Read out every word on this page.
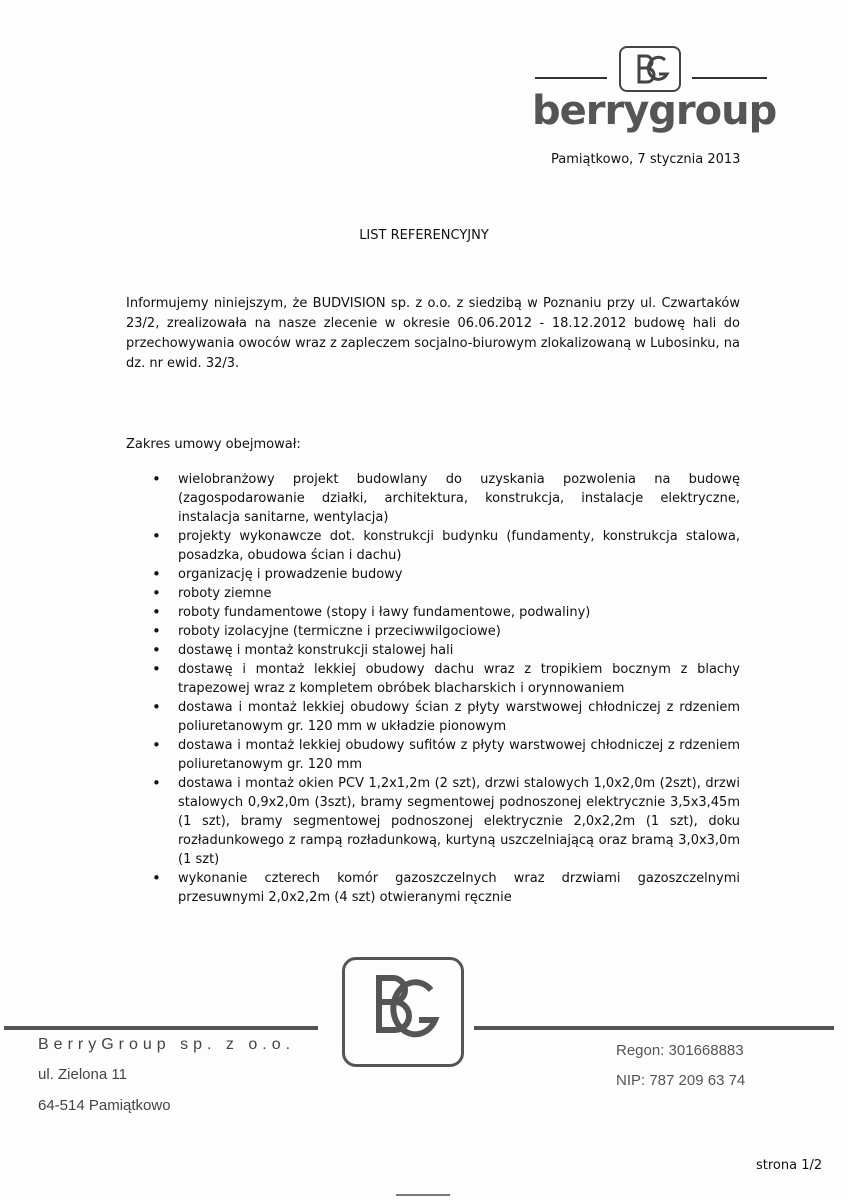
berrygroup
Pamiątkowo, 7 stycznia 2013
LIST REFERENCYJNY
Informujemy niniejszym, że BUDVISION sp. z o.o. z siedzibą w Poznaniu przy ul. Czwartaków 23/2, zrealizowała na nasze zlecenie w okresie 06.06.2012 - 18.12.2012 budowę hali do przechowywania owoców wraz z zapleczem socjalno-biurowym zlokalizowaną w Lubosinku, na dz. nr ewid. 32/3.
Zakres umowy obejmował:
• wielobranżowy projekt budowlany do uzyskania pozwolenia na budowę (zagospodarowanie działki, architektura, konstrukcja, instalacje elektryczne, instalacja sanitarne, wentylacja)
• projekty wykonawcze dot. konstrukcji budynku (fundamenty, konstrukcja stalowa, posadzka, obudowa ścian i dachu)
• organizację i prowadzenie budowy
• roboty ziemne
• roboty fundamentowe (stopy i ławy fundamentowe, podwaliny)
• roboty izolacyjne (termiczne i przeciwwilgociowe)
• dostawę i montaż konstrukcji stalowej hali
• dostawę i montaż lekkiej obudowy dachu wraz z tropikiem bocznym z blachy trapezowej wraz z kompletem obróbek blacharskich i orynnowaniem
• dostawa i montaż lekkiej obudowy ścian z płyty warstwowej chłodniczej z rdzeniem poliuretanowym gr. 120 mm w układzie pionowym
• dostawa i montaż lekkiej obudowy sufitów z płyty warstwowej chłodniczej z rdzeniem poliuretanowym gr. 120 mm
• dostawa i montaż okien PCV 1,2x1,2m (2 szt), drzwi stalowych 1,0x2,0m (2szt), drzwi stalowych 0,9x2,0m (3szt), bramy segmentowej podnoszonej elektrycznie 3,5x3,45m (1 szt), bramy segmentowej podnoszonej elektrycznie 2,0x2,2m (1 szt), doku rozładunkowego z rampą rozładunkową, kurtyną uszczelniającą oraz bramą 3,0x3,0m (1 szt)
• wykonanie czterech komór gazoszczelnych wraz drzwiami gazoszczelnymi przesuwnymi 2,0x2,2m (4 szt) otwieranymi ręcznie
BerryGroup sp. z o.o.
ul. Zielona 11
64-514 Pamiątkowo
Regon: 301668883
NIP: 787 209 63 74
strona 1/2
